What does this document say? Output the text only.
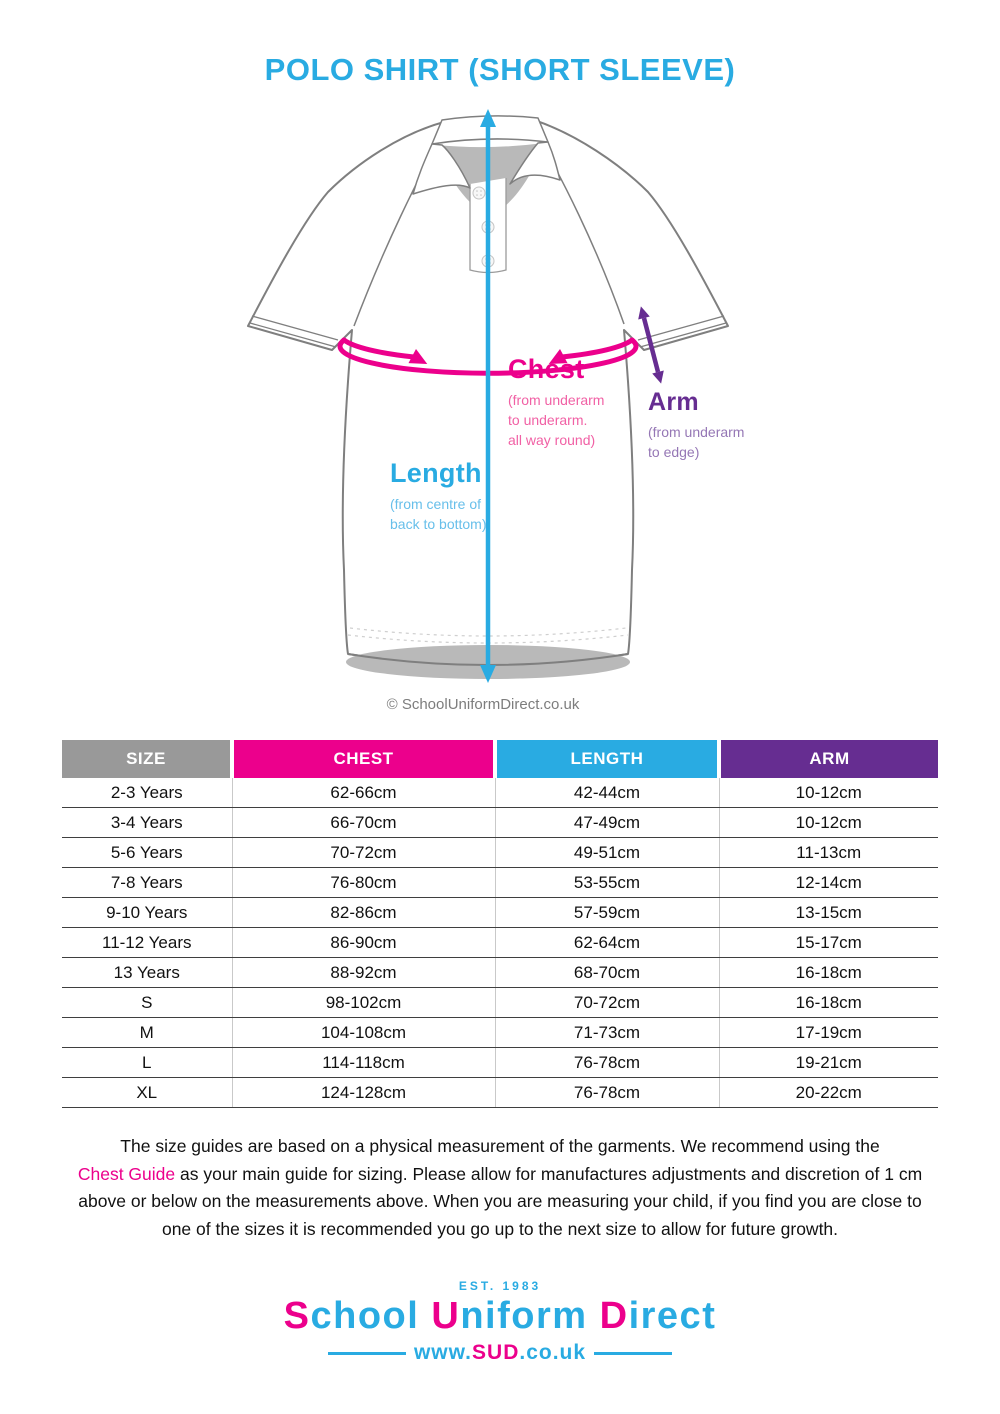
POLO SHIRT (SHORT SLEEVE)
Chest
(from underarm
to underarm.
all way round)
Arm
(from underarm
to edge)
Length
(from centre of
back to bottom)
© SchoolUniformDirect.co.uk
SIZE	CHEST	LENGTH	ARM
2-3 Years	62-66cm	42-44cm	10-12cm
3-4 Years	66-70cm	47-49cm	10-12cm
5-6 Years	70-72cm	49-51cm	11-13cm
7-8 Years	76-80cm	53-55cm	12-14cm
9-10 Years	82-86cm	57-59cm	13-15cm
11-12 Years	86-90cm	62-64cm	15-17cm
13 Years	88-92cm	68-70cm	16-18cm
S	98-102cm	70-72cm	16-18cm
M	104-108cm	71-73cm	17-19cm
L	114-118cm	76-78cm	19-21cm
XL	124-128cm	76-78cm	20-22cm
The size guides are based on a physical measurement of the garments. We recommend using the
Chest Guide as your main guide for sizing. Please allow for manufactures adjustments and discretion of 1 cm
above or below on the measurements above. When you are measuring your child, if you find you are close to
one of the sizes it is recommended you go up to the next size to allow for future growth.
EST. 1983
School Uniform Direct
www.SUD.co.uk
